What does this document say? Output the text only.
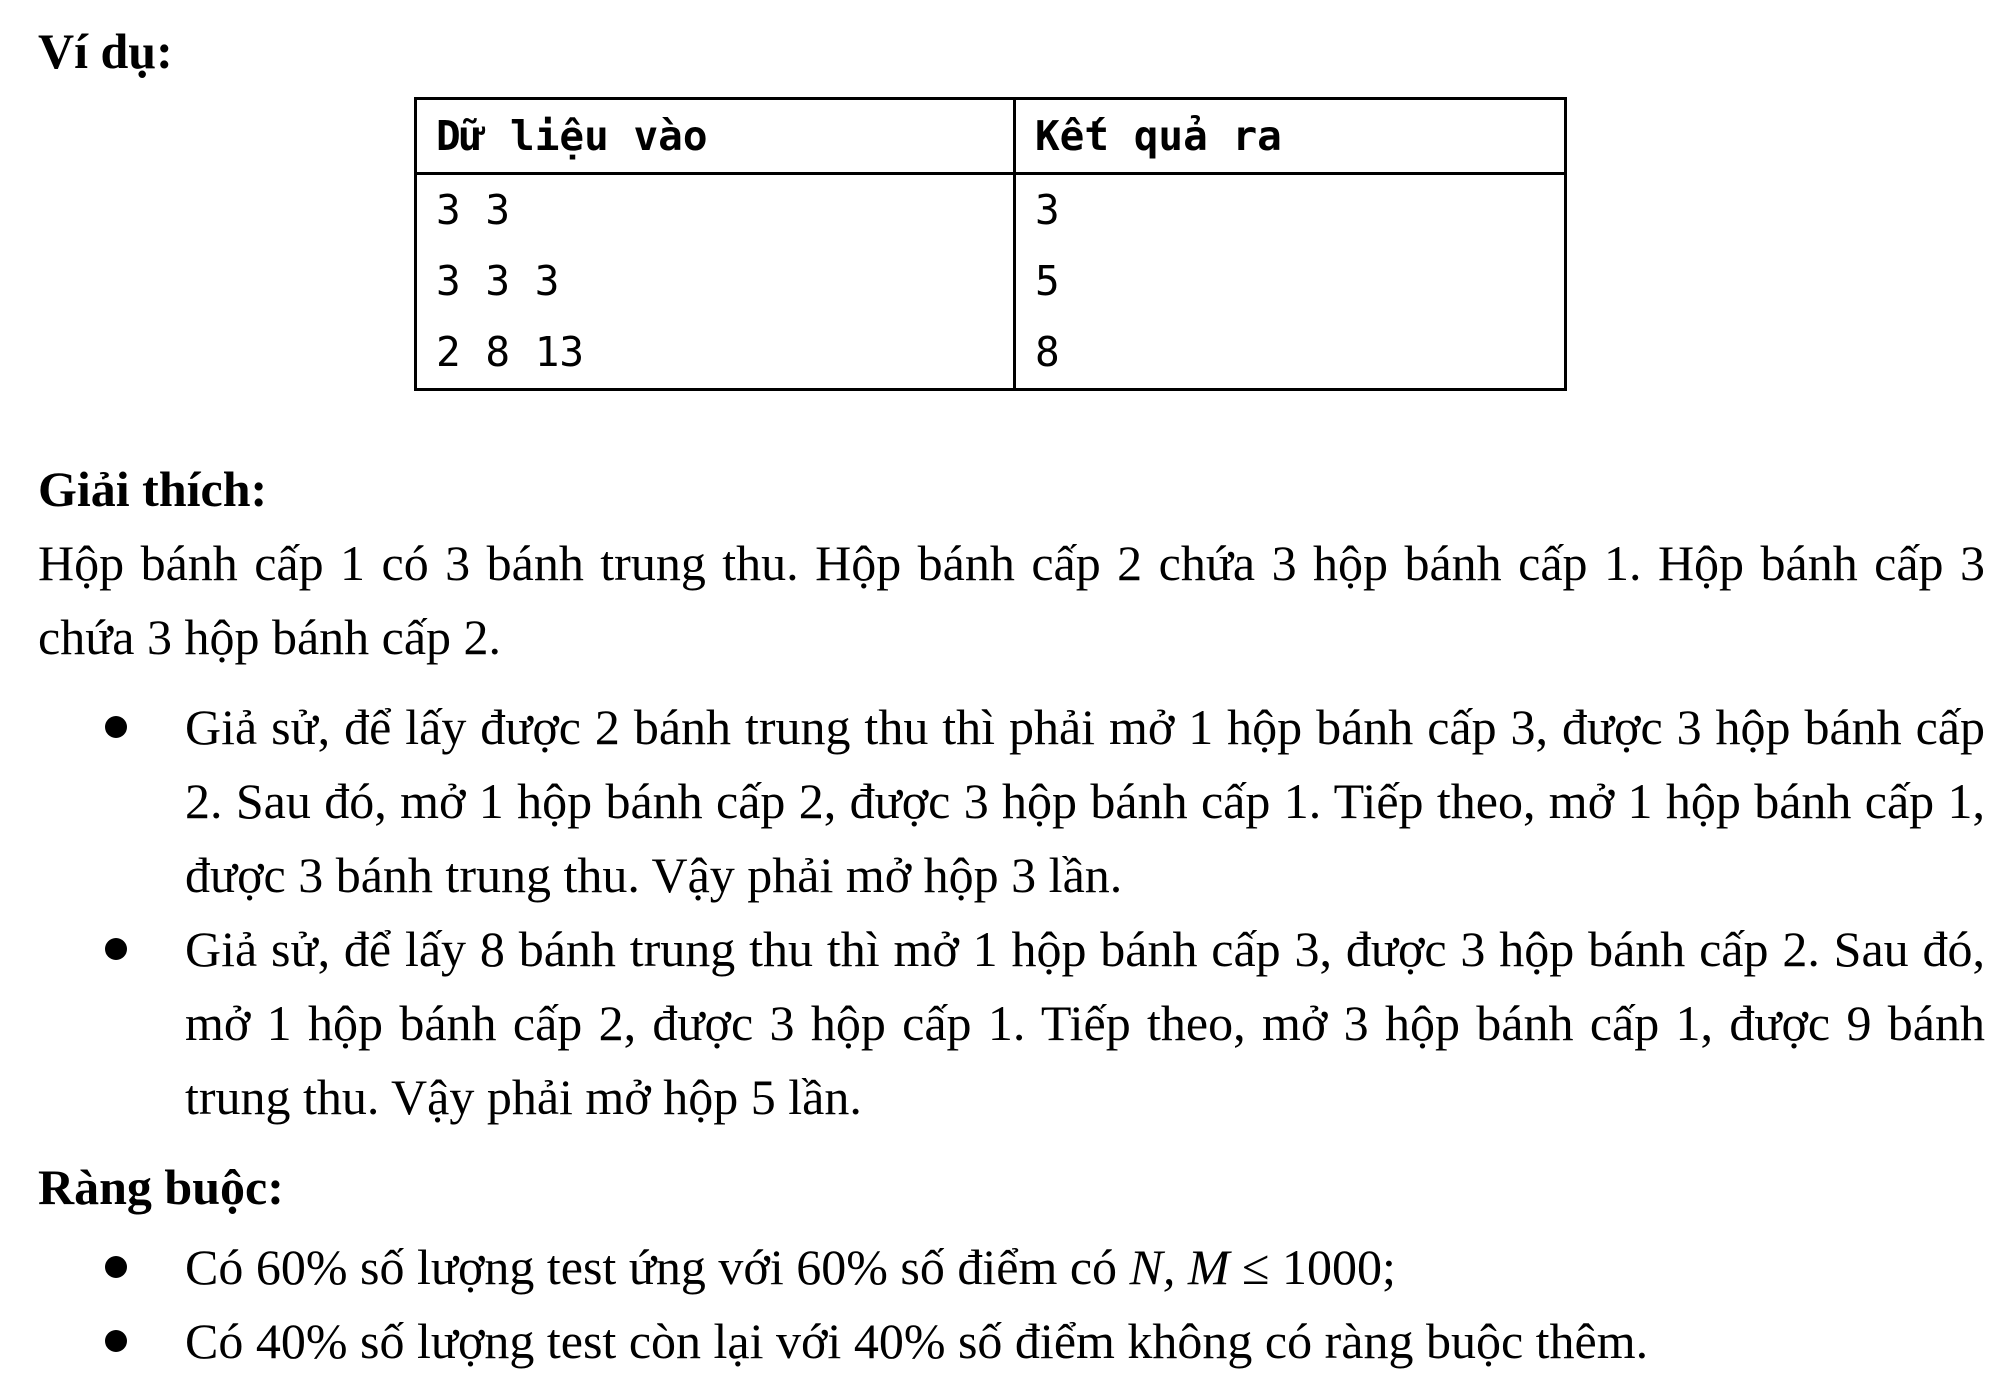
Ví dụ:
Dữ liệu vào	Kết quả ra
3 3	3
3 3 3	5
2 8 13	8
Giải thích:

Hộp bánh cấp 1 có 3 bánh trung thu. Hộp bánh cấp 2 chứa 3 hộp bánh cấp 1. Hộp bánh cấp 3 chứa 3 hộp bánh cấp 2.

Giả sử, để lấy được 2 bánh trung thu thì phải mở 1 hộp bánh cấp 3, được 3 hộp bánh cấp 2. Sau đó, mở 1 hộp bánh cấp 2, được 3 hộp bánh cấp 1. Tiếp theo, mở 1 hộp bánh cấp 1, được 3 bánh trung thu. Vậy phải mở hộp 3 lần.
Giả sử, để lấy 8 bánh trung thu thì mở 1 hộp bánh cấp 3, được 3 hộp bánh cấp 2. Sau đó, mở 1 hộp bánh cấp 2, được 3 hộp cấp 1. Tiếp theo, mở 3 hộp bánh cấp 1, được 9 bánh trung thu. Vậy phải mở hộp 5 lần.
Ràng buộc:
Có 60% số lượng test ứng với 60% số điểm có N, M ≤ 1000;
Có 40% số lượng test còn lại với 40% số điểm không có ràng buộc thêm.
